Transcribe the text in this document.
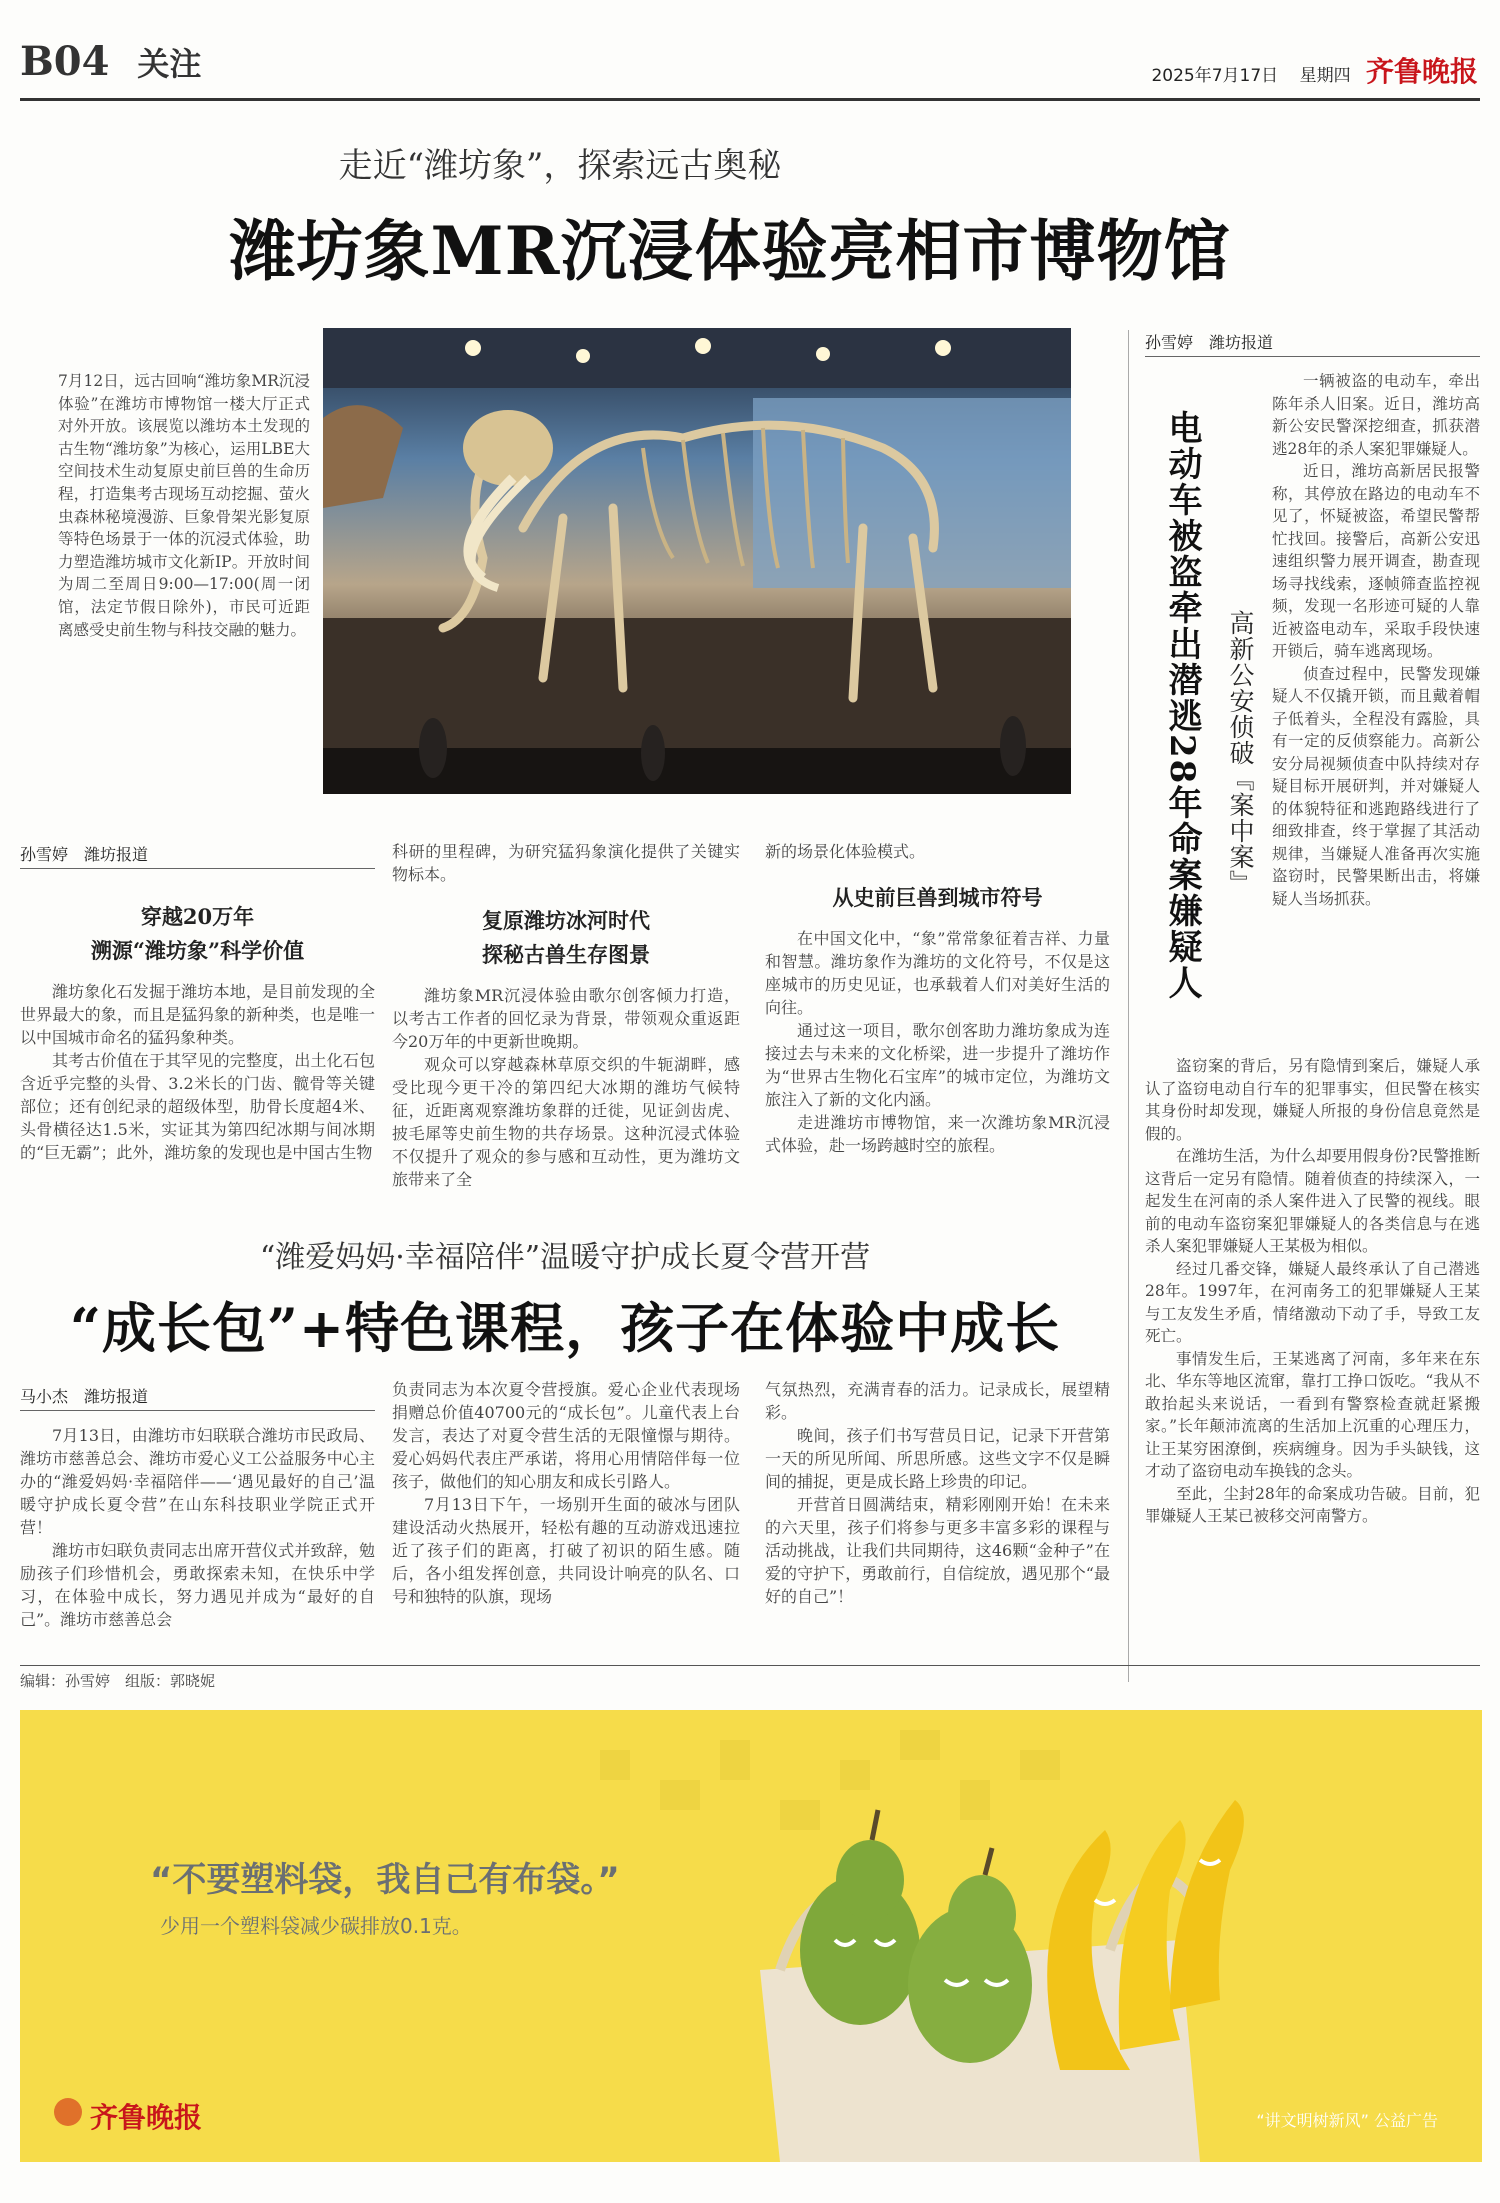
B04 关注	2025年7月17日 星期四 齐鲁晚报
走近“潍坊象”，探索远古奥秘
潍坊象MR沉浸体验亮相市博物馆
7月12日，远古回响“潍坊象MR沉浸体验”在潍坊市博物馆一楼大厅正式对外开放。该展览以潍坊本土发现的古生物“潍坊象”为核心，运用LBE大空间技术生动复原史前巨兽的生命历程，打造集考古现场互动挖掘、萤火虫森林秘境漫游、巨象骨架光影复原等特色场景于一体的沉浸式体验，助力塑造潍坊城市文化新IP。开放时间为周二至周日9:00—17:00(周一闭馆，法定节假日除外)，市民可近距离感受史前生物与科技交融的魅力。
孙雪婷　潍坊报道
穿越20万年
溯源“潍坊象”科学价值
潍坊象化石发掘于潍坊本地，是目前发现的全世界最大的象，而且是猛犸象的新种类，也是唯一以中国城市命名的猛犸象种类。
其考古价值在于其罕见的完整度，出土化石包含近乎完整的头骨、3.2米长的门齿、髋骨等关键部位；还有创纪录的超级体型，肋骨长度超4米、头骨横径达1.5米，实证其为第四纪冰期与间冰期的“巨无霸”；此外，潍坊象的发现也是中国古生物
科研的里程碑，为研究猛犸象演化提供了关键实物标本。
复原潍坊冰河时代
探秘古兽生存图景
潍坊象MR沉浸体验由歌尔创客倾力打造，以考古工作者的回忆录为背景，带领观众重返距今20万年的中更新世晚期。
观众可以穿越森林草原交织的牛轭湖畔，感受比现今更干冷的第四纪大冰期的潍坊气候特征，近距离观察潍坊象群的迁徙，见证剑齿虎、披毛犀等史前生物的共存场景。这种沉浸式体验不仅提升了观众的参与感和互动性，更为潍坊文旅带来了全
新的场景化体验模式。
从史前巨兽到城市符号
在中国文化中，“象”常常象征着吉祥、力量和智慧。潍坊象作为潍坊的文化符号，不仅是这座城市的历史见证，也承载着人们对美好生活的向往。
通过这一项目，歌尔创客助力潍坊象成为连接过去与未来的文化桥梁，进一步提升了潍坊作为“世界古生物化石宝库”的城市定位，为潍坊文旅注入了新的文化内涵。
走进潍坊市博物馆，来一次潍坊象MR沉浸式体验，赴一场跨越时空的旅程。
孙雪婷　潍坊报道
电动车被盗牵出潜逃28年命案嫌疑人 高新公安侦破『案中案』
一辆被盗的电动车，牵出陈年杀人旧案。近日，潍坊高新公安民警深挖细查，抓获潜逃28年的杀人案犯罪嫌疑人。
近日，潍坊高新居民报警称，其停放在路边的电动车不见了，怀疑被盗，希望民警帮忙找回。接警后，高新公安迅速组织警力展开调查，勘查现场寻找线索，逐帧筛查监控视频，发现一名形迹可疑的人靠近被盗电动车，采取手段快速开锁后，骑车逃离现场。
侦查过程中，民警发现嫌疑人不仅撬开锁，而且戴着帽子低着头，全程没有露脸，具有一定的反侦察能力。高新公安分局视频侦查中队持续对存疑目标开展研判，并对嫌疑人的体貌特征和逃跑路线进行了细致排查，终于掌握了其活动规律，当嫌疑人准备再次实施盗窃时，民警果断出击，将嫌疑人当场抓获。
盗窃案的背后，另有隐情到案后，嫌疑人承认了盗窃电动自行车的犯罪事实，但民警在核实其身份时却发现，嫌疑人所报的身份信息竟然是假的。
在潍坊生活，为什么却要用假身份?民警推断这背后一定另有隐情。随着侦查的持续深入，一起发生在河南的杀人案件进入了民警的视线。眼前的电动车盗窃案犯罪嫌疑人的各类信息与在逃杀人案犯罪嫌疑人王某极为相似。
经过几番交锋，嫌疑人最终承认了自己潜逃28年。1997年，在河南务工的犯罪嫌疑人王某与工友发生矛盾，情绪激动下动了手，导致工友死亡。
事情发生后，王某逃离了河南，多年来在东北、华东等地区流窜，靠打工挣口饭吃。“我从不敢抬起头来说话，一看到有警察检查就赶紧搬家。”长年颠沛流离的生活加上沉重的心理压力，让王某穷困潦倒，疾病缠身。因为手头缺钱，这才动了盗窃电动车换钱的念头。
至此，尘封28年的命案成功告破。目前，犯罪嫌疑人王某已被移交河南警方。
“潍爱妈妈·幸福陪伴”温暖守护成长夏令营开营
“成长包”+特色课程，孩子在体验中成长
马小杰　潍坊报道
7月13日，由潍坊市妇联联合潍坊市民政局、潍坊市慈善总会、潍坊市爱心义工公益服务中心主办的“潍爱妈妈·幸福陪伴——‘遇见最好的自己’温暖守护成长夏令营”在山东科技职业学院正式开营！
潍坊市妇联负责同志出席开营仪式并致辞，勉励孩子们珍惜机会，勇敢探索未知，在快乐中学习，在体验中成长，努力遇见并成为“最好的自己”。潍坊市慈善总会
负责同志为本次夏令营授旗。爱心企业代表现场捐赠总价值40700元的“成长包”。儿童代表上台发言，表达了对夏令营生活的无限憧憬与期待。爱心妈妈代表庄严承诺，将用心用情陪伴每一位孩子，做他们的知心朋友和成长引路人。
7月13日下午，一场别开生面的破冰与团队建设活动火热展开，轻松有趣的互动游戏迅速拉近了孩子们的距离，打破了初识的陌生感。随后，各小组发挥创意，共同设计响亮的队名、口号和独特的队旗，现场
气氛热烈，充满青春的活力。记录成长，展望精彩。
晚间，孩子们书写营员日记，记录下开营第一天的所见所闻、所思所感。这些文字不仅是瞬间的捕捉，更是成长路上珍贵的印记。
开营首日圆满结束，精彩刚刚开始！在未来的六天里，孩子们将参与更多丰富多彩的课程与活动挑战，让我们共同期待，这46颗“金种子”在爱的守护下，勇敢前行，自信绽放，遇见那个“最好的自己”！
编辑：孙雪婷　组版：郭晓妮
“不要塑料袋，我自己有布袋。”
少用一个塑料袋减少碳排放0.1克。
齐鲁晚报	“讲文明树新风” 公益广告
